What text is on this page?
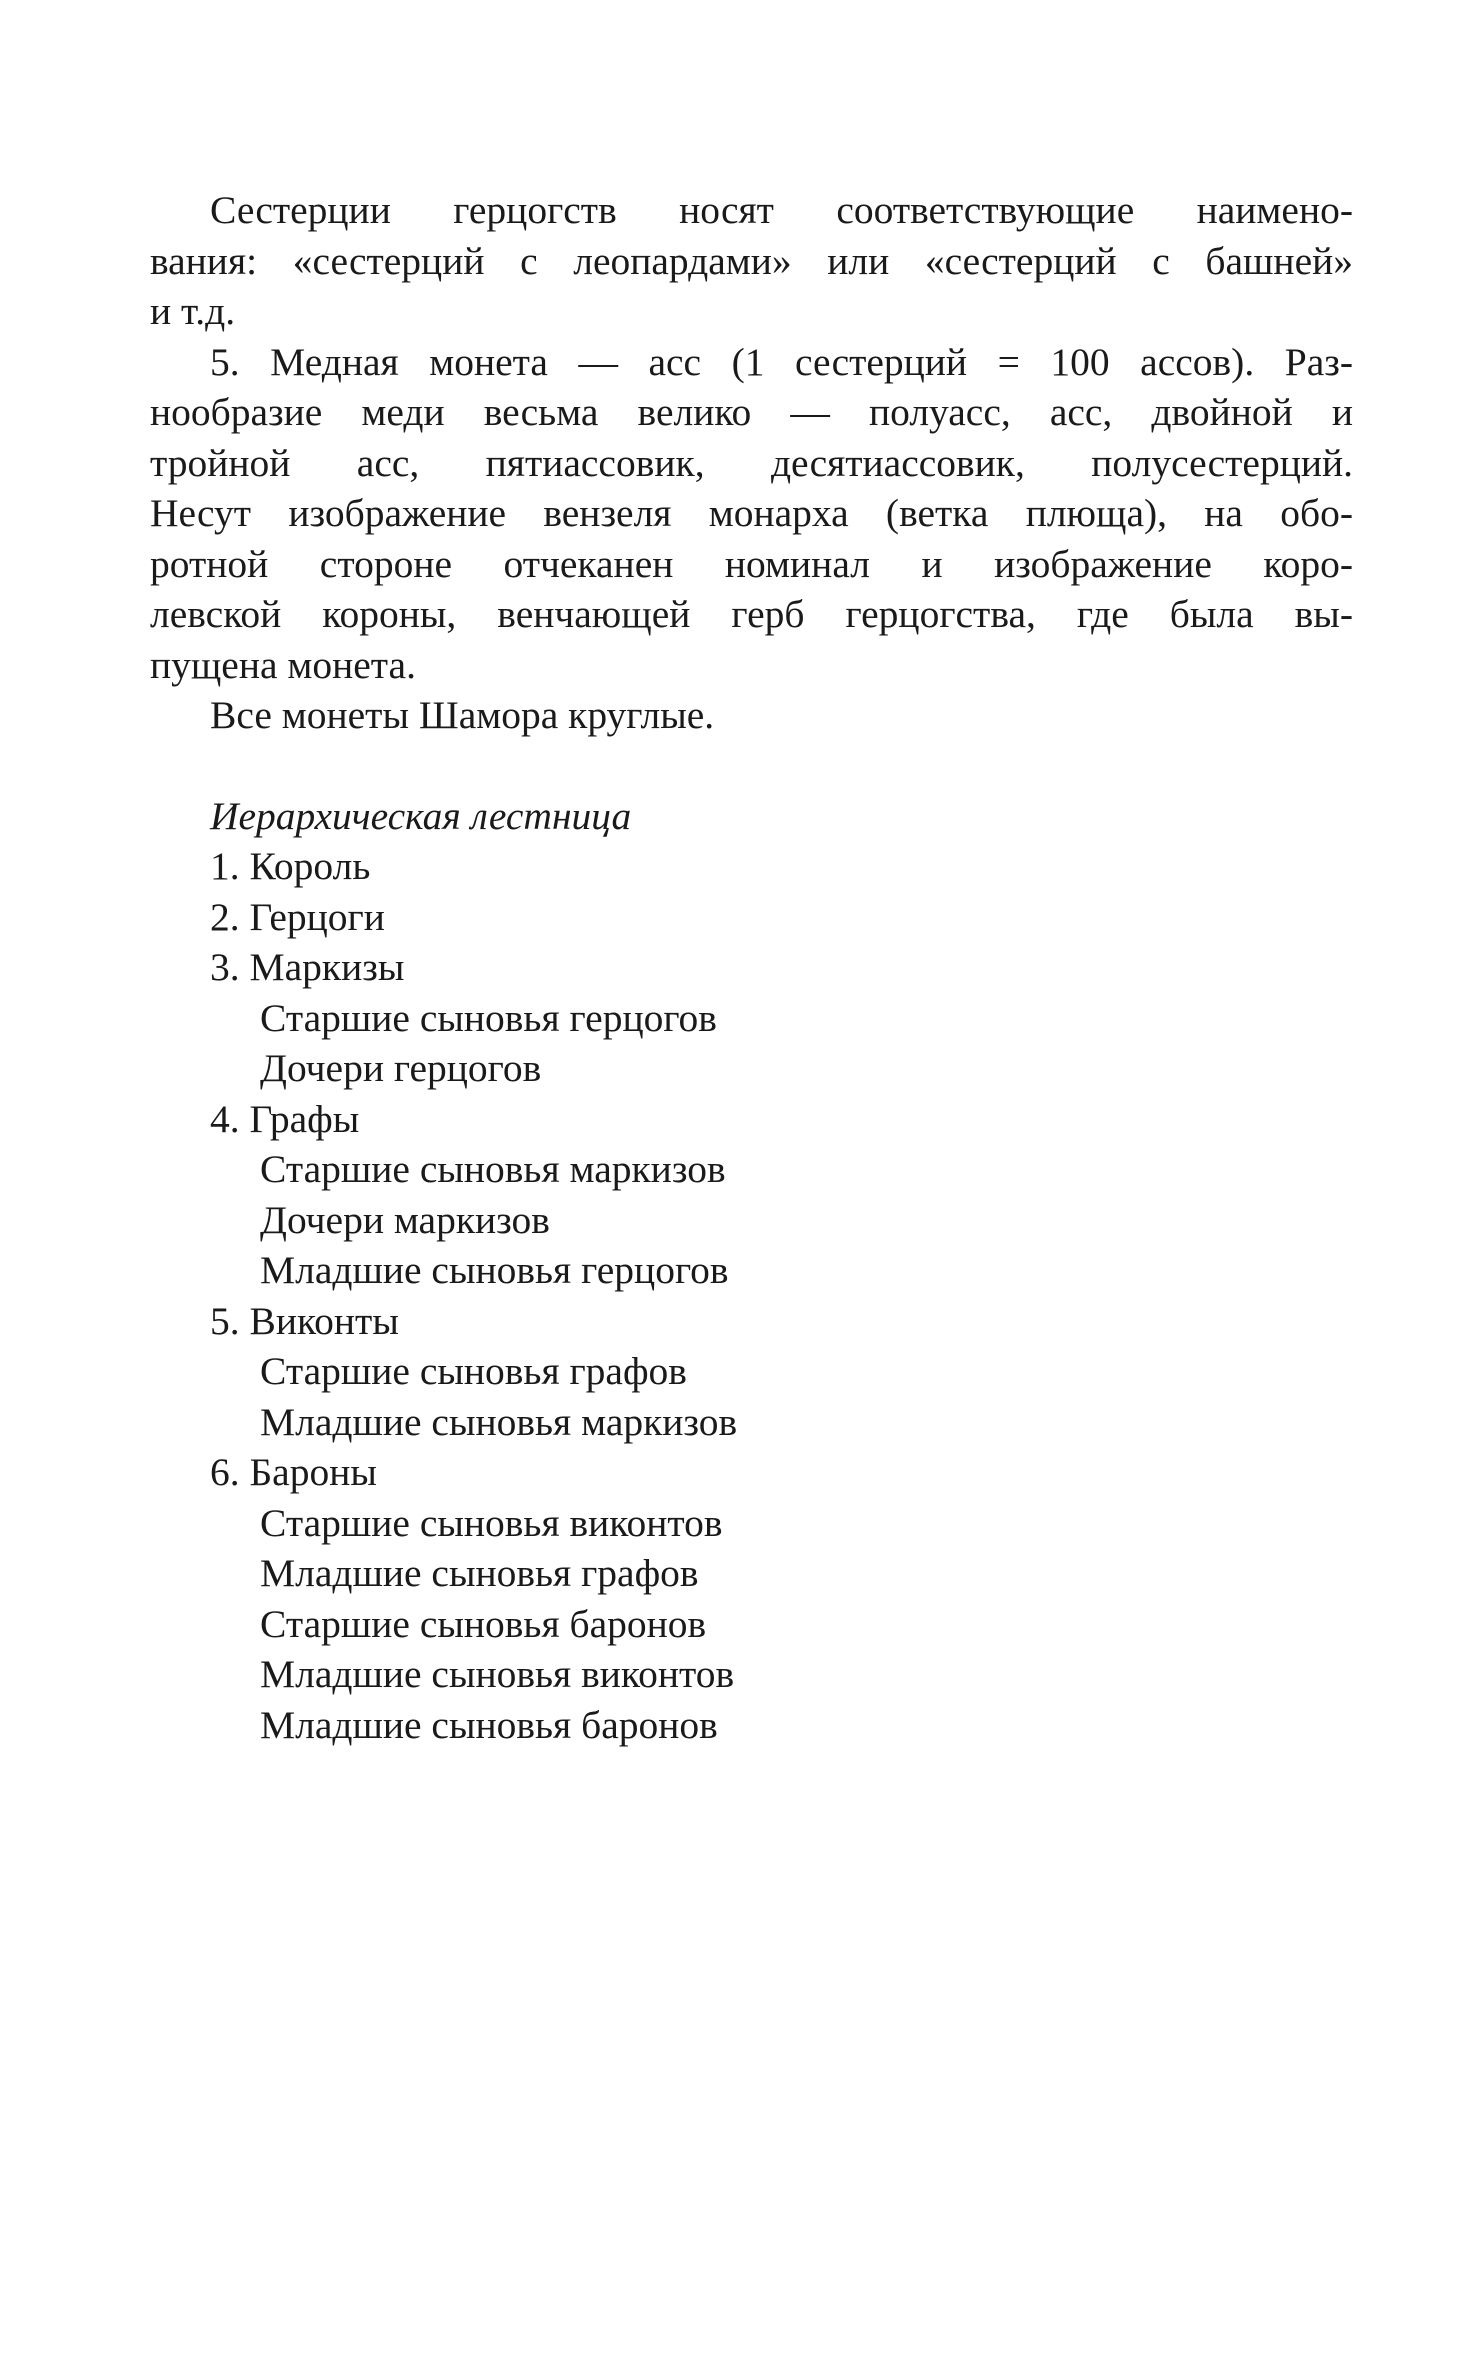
Сестерции герцогств носят соответствующие наимено-
вания: «сестерций с леопардами» или «сестерций с башней»
и т.д.
5. Медная монета — асс (1 сестерций = 100 ассов). Раз-
нообразие меди весьма велико — полуасс, асс, двойной и
тройной асс, пятиассовик, десятиассовик, полусестерций.
Несут изображение вензеля монарха (ветка плюща), на обо-
ротной стороне отчеканен номинал и изображение коро-
левской короны, венчающей герб герцогства, где была вы-
пущена монета.
Все монеты Шамора круглые.
Иерархическая лестница
1. Король
2. Герцоги
3. Маркизы
Старшие сыновья герцогов
Дочери герцогов
4. Графы
Старшие сыновья маркизов
Дочери маркизов
Младшие сыновья герцогов
5. Виконты
Старшие сыновья графов
Младшие сыновья маркизов
6. Бароны
Старшие сыновья виконтов
Младшие сыновья графов
Старшие сыновья баронов
Младшие сыновья виконтов
Младшие сыновья баронов
